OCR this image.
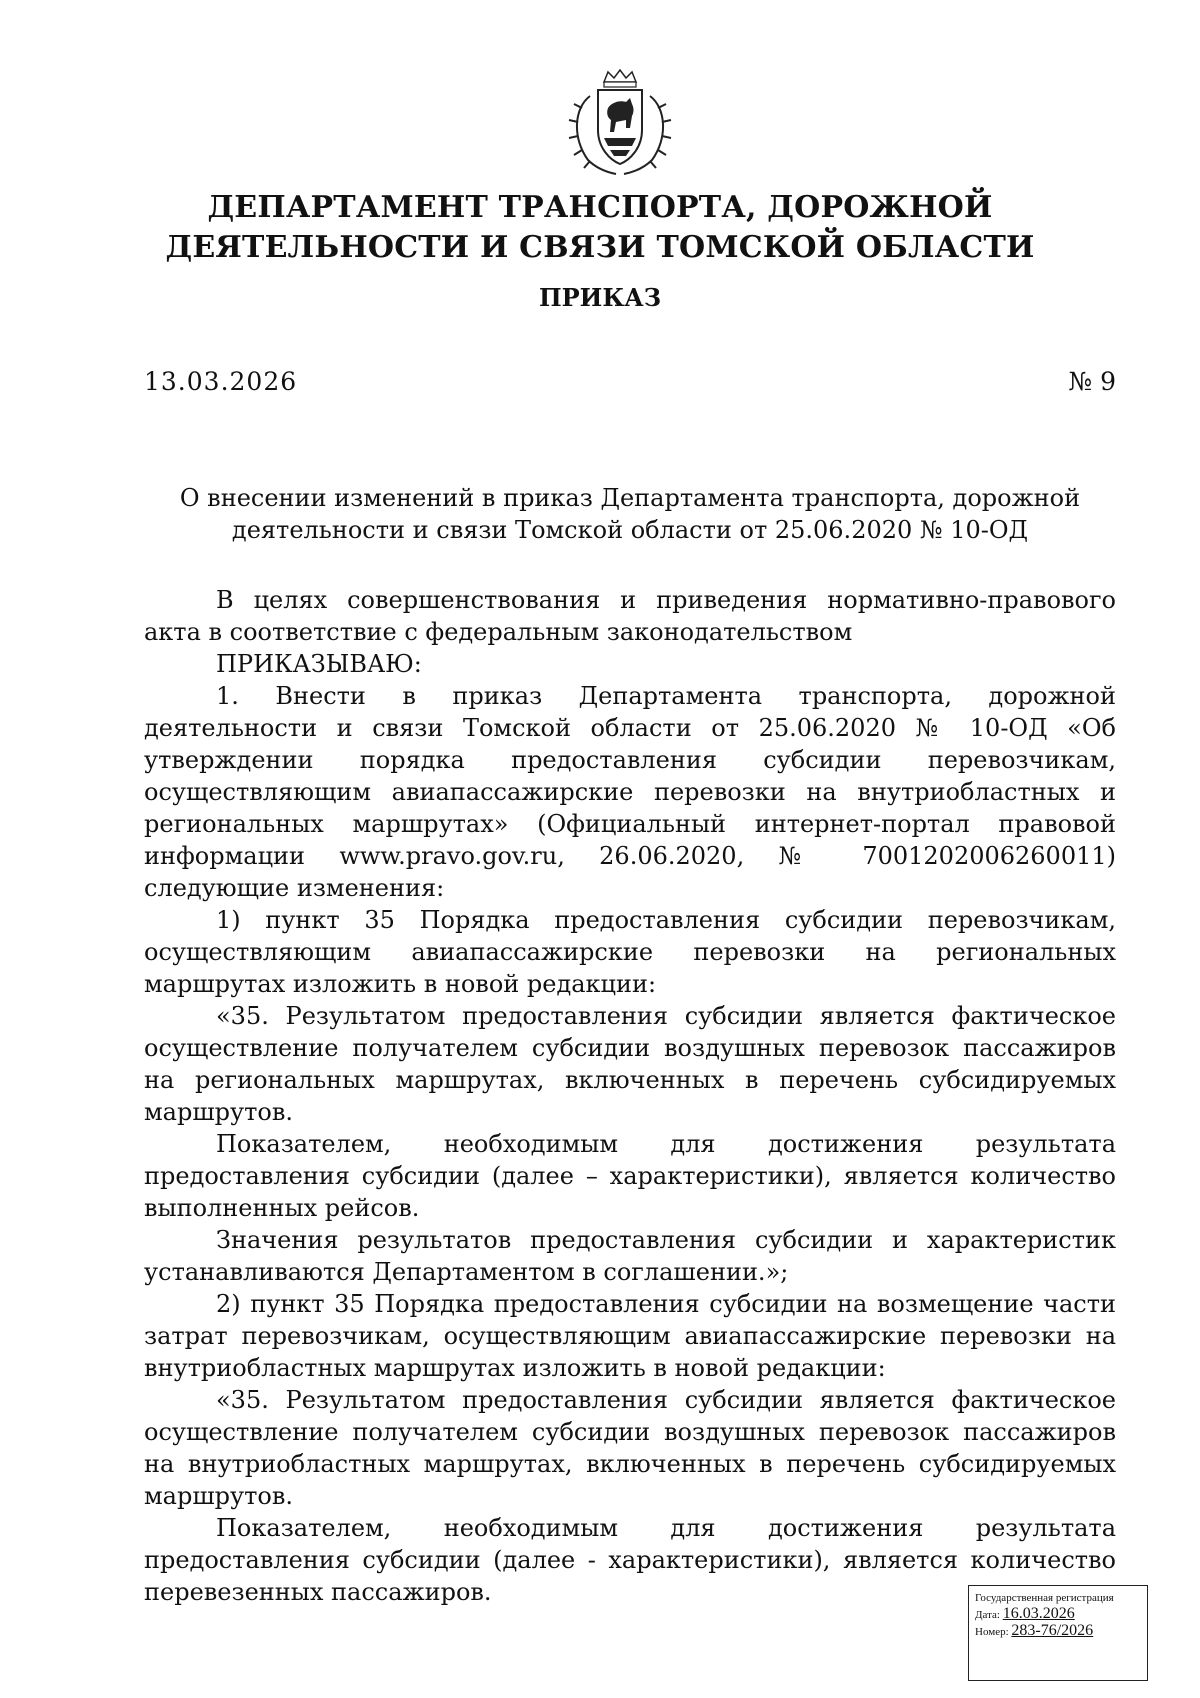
ДЕПАРТАМЕНТ ТРАНСПОРТА, ДОРОЖНОЙ ДЕЯТЕЛЬНОСТИ И СВЯЗИ ТОМСКОЙ ОБЛАСТИ
ПРИКАЗ
13.03.2026	№ 9
О внесении изменений в приказ Департамента транспорта, дорожной деятельности и связи Томской области от 25.06.2020 № 10-ОД

В целях совершенствования и приведения нормативно-правового акта в соответствие с федеральным законодательством

ПРИКАЗЫВАЮ:

1. Внести в приказ Департамента транспорта, дорожной деятельности и связи Томской области от 25.06.2020 № 10-ОД «Об утверждении порядка предоставления субсидии перевозчикам, осуществляющим авиапассажирские перевозки на внутриобластных и региональных маршрутах» (Официальный интернет-портал правовой информации www.pravo.gov.ru, 26.06.2020, № 7001202006260011) следующие изменения:

1) пункт 35 Порядка предоставления субсидии перевозчикам, осуществляющим авиапассажирские перевозки на региональных маршрутах изложить в новой редакции:

«35. Результатом предоставления субсидии является фактическое осуществление получателем субсидии воздушных перевозок пассажиров на региональных маршрутах, включенных в перечень субсидируемых маршрутов.

Показателем, необходимым для достижения результата предоставления субсидии (далее – характеристики), является количество выполненных рейсов.

Значения результатов предоставления субсидии и характеристик устанавливаются Департаментом в соглашении.»;

2) пункт 35 Порядка предоставления субсидии на возмещение части затрат перевозчикам, осуществляющим авиапассажирские перевозки на внутриобластных маршрутах изложить в новой редакции:

«35. Результатом предоставления субсидии является фактическое осуществление получателем субсидии воздушных перевозок пассажиров на внутриобластных маршрутах, включенных в перечень субсидируемых маршрутов.

Показателем, необходимым для достижения результата предоставления субсидии (далее - характеристики), является количество перевезенных пассажиров.	Государственная регистрация
Дата: 16.03.2026
Номер: 283-76/2026
